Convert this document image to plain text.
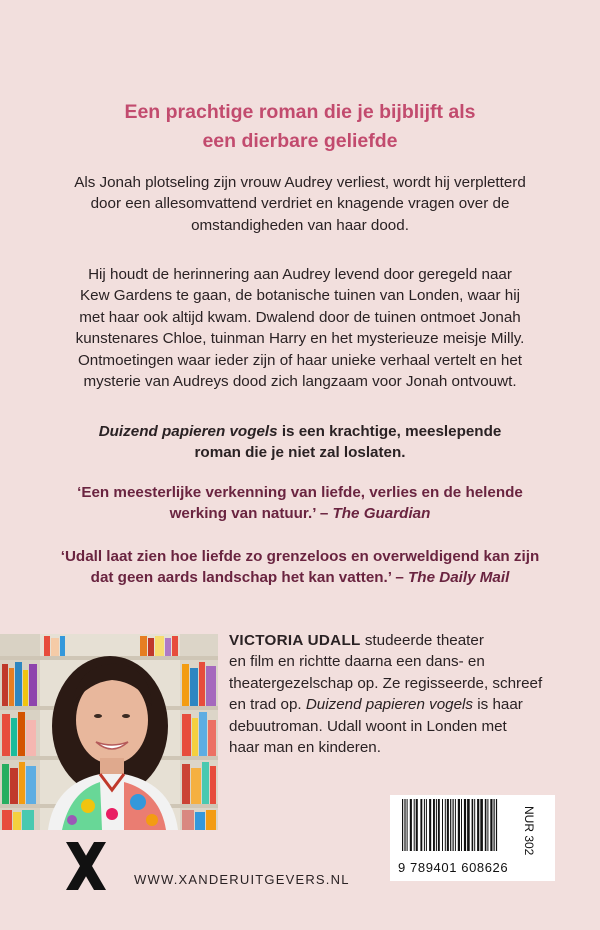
Een prachtige roman die je bijblijft als
een dierbare geliefde
Als Jonah plotseling zijn vrouw Audrey verliest, wordt hij verpletterd
door een allesomvattend verdriet en knagende vragen over de
omstandigheden van haar dood.
Hij houdt de herinnering aan Audrey levend door geregeld naar
Kew Gardens te gaan, de botanische tuinen van Londen, waar hij
met haar ook altijd kwam. Dwalend door de tuinen ontmoet Jonah
kunstenares Chloe, tuinman Harry en het mysterieuze meisje Milly.
Ontmoetingen waar ieder zijn of haar unieke verhaal vertelt en het
mysterie van Audreys dood zich langzaam voor Jonah ontvouwt.
Duizend papieren vogels is een krachtige, meeslepende
roman die je niet zal loslaten.
‘Een meesterlijke verkenning van liefde, verlies en de helende
werking van natuur.’ – The Guardian
‘Udall laat zien hoe liefde zo grenzeloos en overweldigend kan zijn
dat geen aards landschap het kan vatten.’ – The Daily Mail
VICTORIA UDALL studeerde theater
en film en richtte daarna een dans- en
theatergezelschap op. Ze regisseerde, schreef
en trad op. Duizend papieren vogels is haar
debuutroman. Udall woont in Londen met
haar man en kinderen.
WWW.XANDERUITGEVERS.NL
9 789401 608626
NUR 302
